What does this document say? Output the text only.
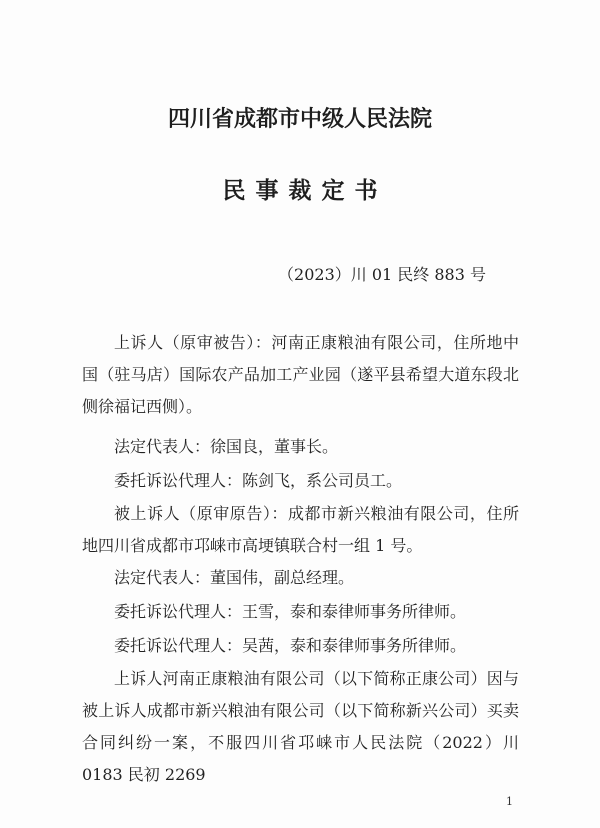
四川省成都市中级人民法院
民事裁定书
（2023）川 01 民终 883 号

上诉人（原审被告）：河南正康粮油有限公司，住所地中国（驻马店）国际农产品加工产业园（遂平县希望大道东段北侧徐福记西侧）。

法定代表人：徐国良，董事长。

委托诉讼代理人：陈剑飞，系公司员工。

被上诉人（原审原告）：成都市新兴粮油有限公司，住所地四川省成都市邛崃市高埂镇联合村一组 1 号。

法定代表人：董国伟，副总经理。

委托诉讼代理人：王雪，泰和泰律师事务所律师。

委托诉讼代理人：吴茜，泰和泰律师事务所律师。

上诉人河南正康粮油有限公司（以下简称正康公司）因与被上诉人成都市新兴粮油有限公司（以下简称新兴公司）买卖合同纠纷一案，不服四川省邛崃市人民法院（2022）川 0183 民初 2269

1
